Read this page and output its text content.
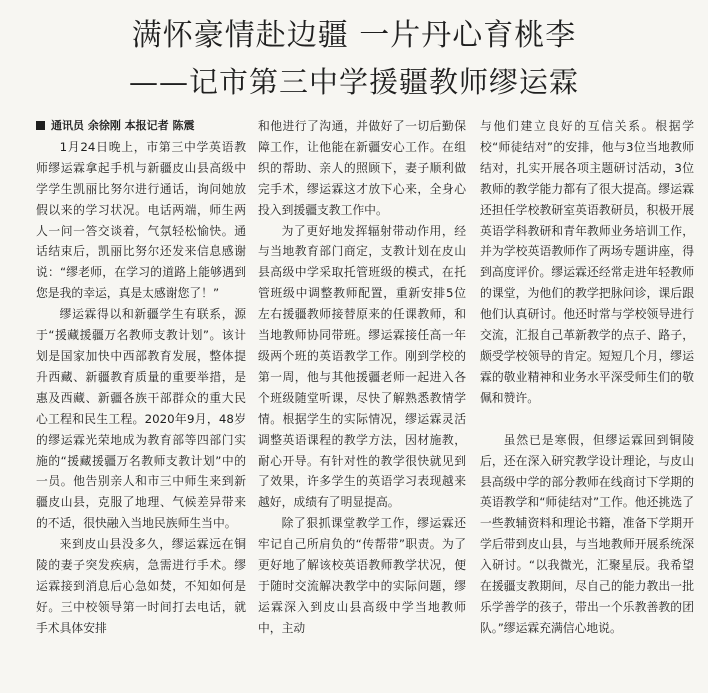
满怀豪情赴边疆 一片丹心育桃李
——记市第三中学援疆教师缪运霖

通讯员 余徐刚 本报记者 陈震

1月24日晚上，市第三中学英语教师缪运霖拿起手机与新疆皮山县高级中学学生凯丽比努尔进行通话，询问她放假以来的学习状况。电话两端，师生两人一问一答交谈着，气氛轻松愉快。通话结束后，凯丽比努尔还发来信息感谢说：“缪老师，在学习的道路上能够遇到您是我的幸运，真是太感谢您了！”

缪运霖得以和新疆学生有联系，源于“援藏援疆万名教师支教计划”。该计划是国家加快中西部教育发展，整体提升西藏、新疆教育质量的重要举措，是惠及西藏、新疆各族干部群众的重大民心工程和民生工程。2020年9月，48岁的缪运霖光荣地成为教育部等四部门实施的“援藏援疆万名教师支教计划”中的一员。他告别亲人和市三中师生来到新疆皮山县，克服了地理、气候差异带来的不适，很快融入当地民族师生当中。

来到皮山县没多久，缪运霖远在铜陵的妻子突发疾病，急需进行手术。缪运霖接到消息后心急如焚，不知如何是好。三中校领导第一时间打去电话，就手术具体安排

和他进行了沟通，并做好了一切后勤保障工作，让他能在新疆安心工作。在组织的帮助、亲人的照顾下，妻子顺利做完手术，缪运霖这才放下心来，全身心投入到援疆支教工作中。

为了更好地发挥辐射带动作用，经与当地教育部门商定，支教计划在皮山县高级中学采取托管班级的模式，在托管班级中调整教师配置，重新安排5位左右援疆教师接替原来的任课教师，和当地教师协同带班。缪运霖接任高一年级两个班的英语教学工作。刚到学校的第一周，他与其他援疆老师一起进入各个班级随堂听课，尽快了解熟悉教情学情。根据学生的实际情况，缪运霖灵活调整英语课程的教学方法，因材施教，耐心开导。有针对性的教学很快就见到了效果，许多学生的英语学习表现越来越好，成绩有了明显提高。

除了狠抓课堂教学工作，缪运霖还牢记自己所肩负的“传帮带”职责。为了更好地了解该校英语教师教学状况，便于随时交流解决教学中的实际问题，缪运霖深入到皮山县高级中学当地教师中，主动

与他们建立良好的互信关系。根据学校“师徒结对”的安排，他与3位当地教师结对，扎实开展各项主题研讨活动，3位教师的教学能力都有了很大提高。缪运霖还担任学校教研室英语教研员，积极开展英语学科教研和青年教师业务培训工作，并为学校英语教师作了两场专题讲座，得到高度评价。缪运霖还经常走进年轻教师的课堂，为他们的教学把脉问诊，课后跟他们认真研讨。他还时常与学校领导进行交流，汇报自己革新教学的点子、路子，颇受学校领导的肯定。短短几个月，缪运霖的敬业精神和业务水平深受师生们的敬佩和赞许。

虽然已是寒假，但缪运霖回到铜陵后，还在深入研究教学设计理论，与皮山县高级中学的部分教师在线商讨下学期的英语教学和“师徒结对”工作。他还挑选了一些教辅资料和理论书籍，准备下学期开学后带到皮山县，与当地教师开展系统深入研讨。“以我微光，汇聚星辰。我希望在援疆支教期间，尽自己的能力教出一批乐学善学的孩子，带出一个乐教善教的团队。”缪运霖充满信心地说。
